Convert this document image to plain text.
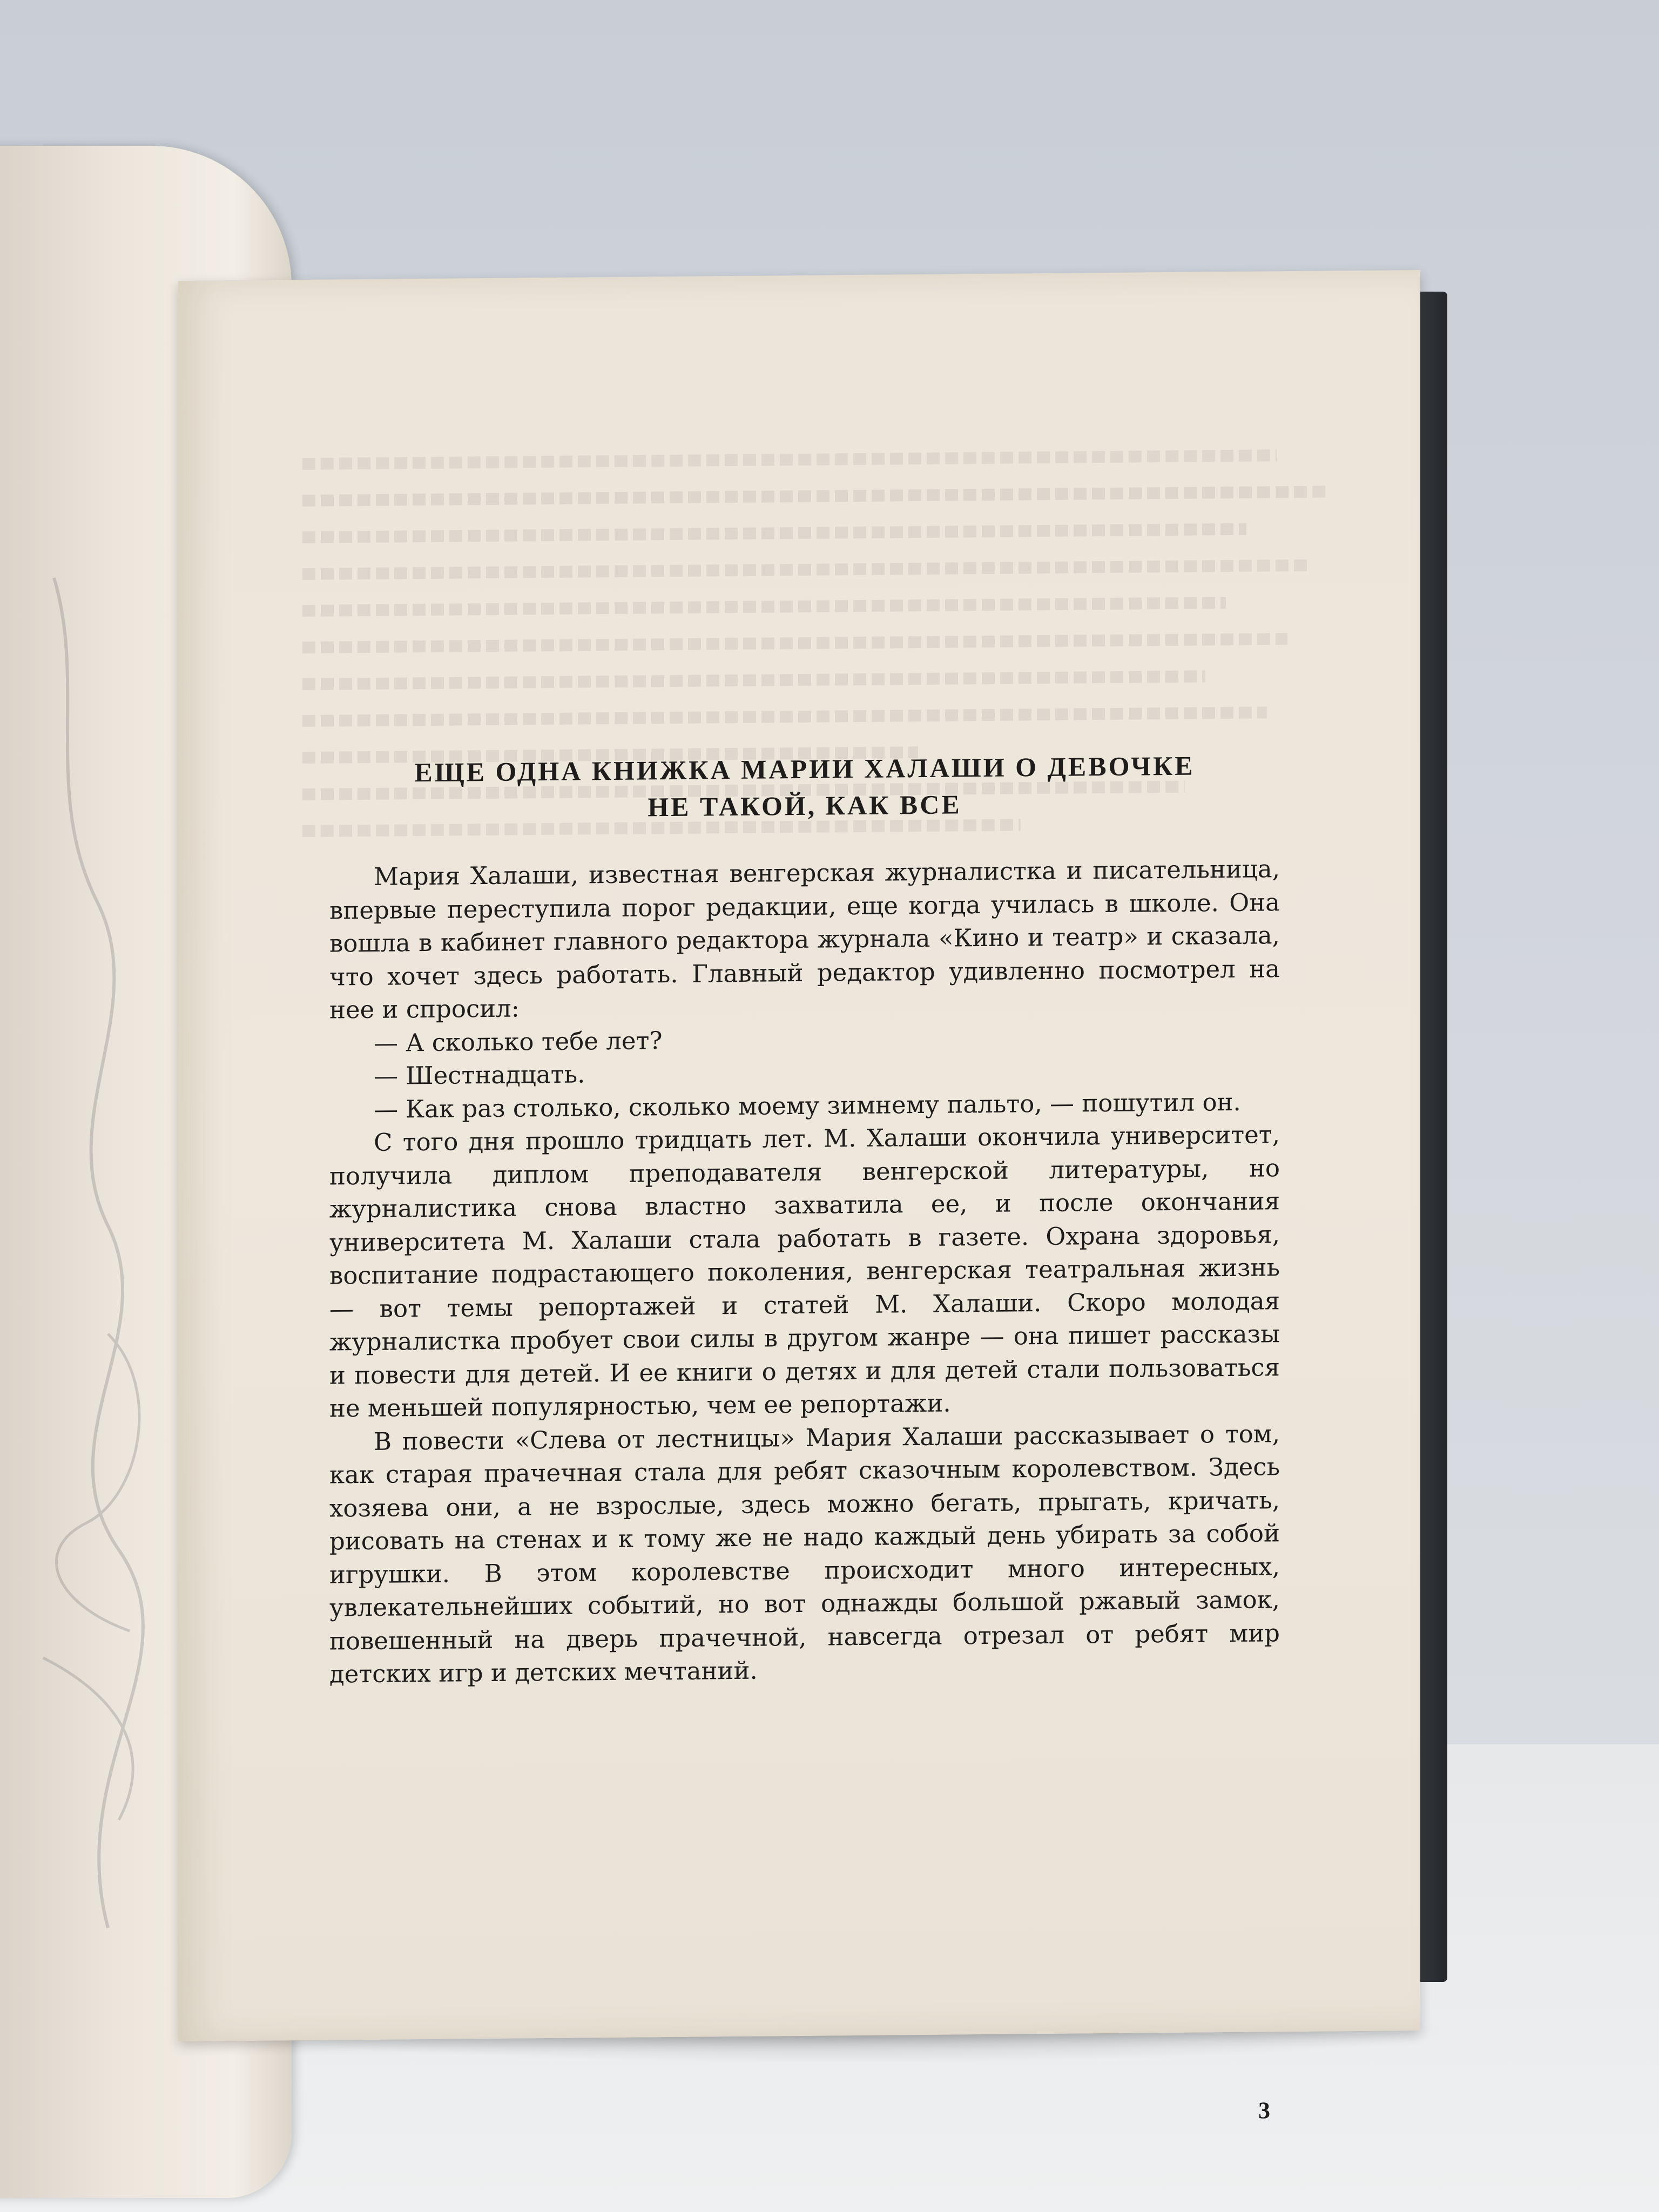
ЕЩЕ ОДНА КНИЖКА МАРИИ ХАЛАШИ О ДЕВОЧКЕ
НЕ ТАКОЙ, КАК ВСЕ

Мария Халаши, известная венгерская журналистка и писательница, впервые переступила порог редакции, еще когда училась в школе. Она вошла в кабинет главного редактора журнала «Кино и театр» и сказала, что хочет здесь работать. Главный редактор удивленно посмотрел на нее и спросил:

— А сколько тебе лет?

— Шестнадцать.

— Как раз столько, сколько моему зимнему пальто, — пошутил он.

С того дня прошло тридцать лет. М. Халаши окончила университет, получила диплом преподавателя венгерской литературы, но журналистика снова властно захватила ее, и после окончания университета М. Халаши стала работать в газете. Охрана здоровья, воспитание подрастающего поколения, венгерская театральная жизнь — вот темы репортажей и статей М. Халаши. Скоро молодая журналистка пробует свои силы в другом жанре — она пишет рассказы и повести для детей. И ее книги о детях и для детей стали пользоваться не меньшей популярностью, чем ее репортажи.

В повести «Слева от лестницы» Мария Халаши рассказывает о том, как старая прачечная стала для ребят сказочным королевством. Здесь хозяева они, а не взрослые, здесь можно бегать, прыгать, кричать, рисовать на стенах и к тому же не надо каждый день убирать за собой игрушки. В этом королевстве происходит много интересных, увлекательнейших событий, но вот однажды большой ржавый замок, повешенный на дверь прачечной, навсегда отрезал от ребят мир детских игр и детских мечтаний.

3
